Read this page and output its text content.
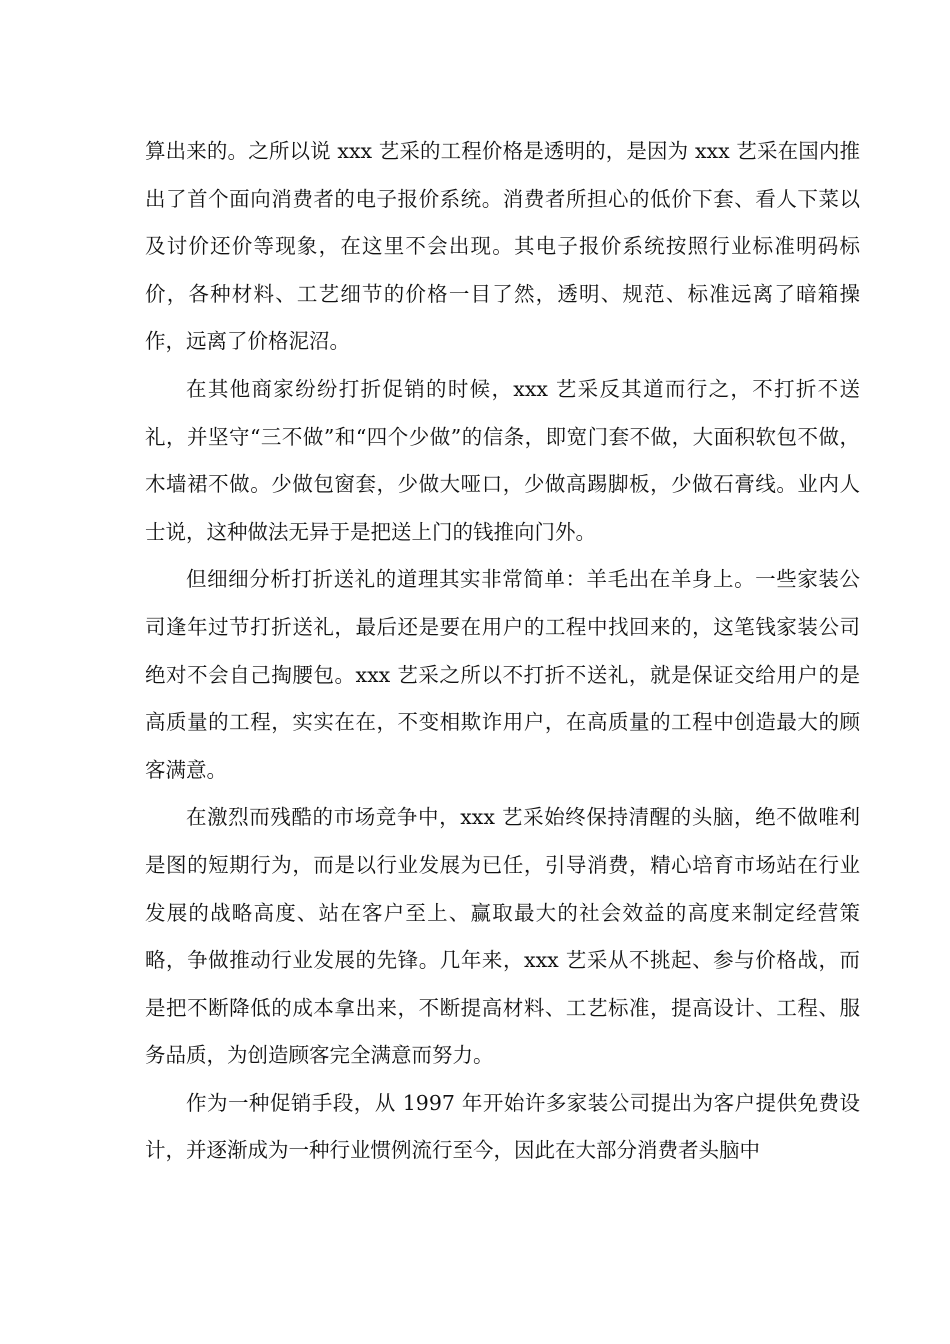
算出来的。之所以说 xxx 艺采的工程价格是透明的，是因为 xxx 艺采在国内推出了首个面向消费者的电子报价系统。消费者所担心的低价下套、看人下菜以及讨价还价等现象，在这里不会出现。其电子报价系统按照行业标准明码标价，各种材料、工艺细节的价格一目了然，透明、规范、标准远离了暗箱操作，远离了价格泥沼。

在其他商家纷纷打折促销的时候，xxx 艺采反其道而行之，不打折不送礼，并坚守“三不做”和“四个少做”的信条，即宽门套不做，大面积软包不做，木墙裙不做。少做包窗套，少做大哑口，少做高踢脚板，少做石膏线。业内人士说，这种做法无异于是把送上门的钱推向门外。

但细细分析打折送礼的道理其实非常简单：羊毛出在羊身上。一些家装公司逢年过节打折送礼，最后还是要在用户的工程中找回来的，这笔钱家装公司绝对不会自己掏腰包。xxx 艺采之所以不打折不送礼，就是保证交给用户的是高质量的工程，实实在在，不变相欺诈用户，在高质量的工程中创造最大的顾客满意。

在激烈而残酷的市场竞争中，xxx 艺采始终保持清醒的头脑，绝不做唯利是图的短期行为，而是以行业发展为已任，引导消费，精心培育市场站在行业发展的战略高度、站在客户至上、赢取最大的社会效益的高度来制定经营策略，争做推动行业发展的先锋。几年来，xxx 艺采从不挑起、参与价格战，而是把不断降低的成本拿出来，不断提高材料、工艺标准，提高设计、工程、服务品质，为创造顾客完全满意而努力。

作为一种促销手段，从 1997 年开始许多家装公司提出为客户提供免费设计，并逐渐成为一种行业惯例流行至今，因此在大部分消费者头脑中
